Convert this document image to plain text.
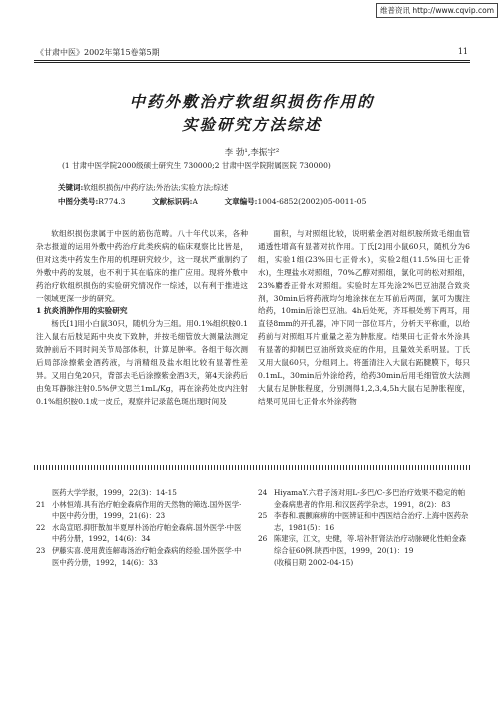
维普资讯 http://www.cqvip.com
《甘肃中医》2002年第15卷第5期	11
中药外敷治疗软组织损伤作用的
实验研究方法综述
李 勃¹,李振宇²
(1 甘肃中医学院2000级硕士研究生 730000;2 甘肃中医学院附属医院 730000)
关键词:软组织损伤/中药疗法;外治法;实验方法;综述
中图分类号:R774.3	文献标识码:A	文章编号:1004-6852(2002)05-0011-05

软组织损伤隶属于中医的筋伤范畴。八十年代以来，各种杂志报道的运用外敷中药治疗此类疾病的临床观察比比皆是，但对这类中药发生作用的机理研究较少，这一现状严重制约了外敷中药的发展，也不利于其在临床的推广应用。现将外敷中药治疗软组织损伤的实验研究情况作一综述，以有利于推进这一领域更深一步的研究。

1 抗炎消肿作用的实验研究

杨氏[1]用小白鼠30只，随机分为三组。用0.1%组织胺0.1注入鼠右后肢足跖中央皮下致肿，并按毛细管放大测量法测定致肿前后不同时间关节局部体积，计算足肿率。各组于每次测后局部涂擦紫金酒药液，与消精组及盐水组比较有显著性差异。又用白兔20只，背部去毛后涂擦紫金酒3天，第4天涂药后由兔耳静脉注射0.5%伊文思兰1mL/Kg，再在涂药处皮内注射0.1%组织胺0.1成一皮丘，观察并记录蓝色斑出现时间及

面积，与对照组比较，说明紫金酒对组织胺所致毛细血管通透性增高有显著对抗作用。丁氏[2]用小鼠60只，随机分为6组，实验1组(23%田七正骨水)，实验2组(11.5%田七正骨水)，生理盐水对照组，70%乙醇对照组，氯化可的松对照组，23%麝香正骨水对照组。实验时左耳先涂2%巴豆油混合致炎剂，30min后将药液均匀地涂抹在左耳前后两面，氯可为腹注给药，10min后涂巴豆油。4h后处死，齐耳根处剪下两耳，用直径8mm的开孔器，冲下同一部位耳片，分析天平称重，以给药前与对照组耳片重量之差为肿胀度。结果田七正骨水外涂具有显著的抑制巴豆油所致炎症的作用，且量效关系明显。丁氏又用大鼠60只，分组同上。将蛋清注入大鼠右跖腱膜下，每只0.1mL，30min后外涂给药，给药30min后用毛细管放大法测大鼠右足肿胀程度，分别测得1,2,3,4,5h大鼠右足肿胀程度，结果可见田七正骨水外涂药物

医药大学学报，1999，22(3)：14-15
21 小林恒靖.具有治疗帕金森病作用的天然物的筛选.国外医学·中医中药分册，1999，21(6)：23
22 水岛宣昭.抑肝散加半夏厚朴汤治疗帕金森病.国外医学·中医中药分册，1992，14(6)：34
23 伊藤实喜.使用黄连解毒汤治疗帕金森病的经验.国外医学·中医中药分册，1992，14(6)：33
24 HiyamaY.六君子汤对用L-多巴/C-多巴治疗效果不稳定的帕金森病患者的作用.和汉医药学杂志，1991，8(2)：83
25 李春和.震颤麻痹的中医辨证和中西医结合治疗.上海中医药杂志，1981(5)：16
26 陈建宗，江文，史健，等.培补肝肾法治疗动脉硬化性帕金森综合征60例.陕西中医，1999，20(1)：19
(收稿日期 2002-04-15)
